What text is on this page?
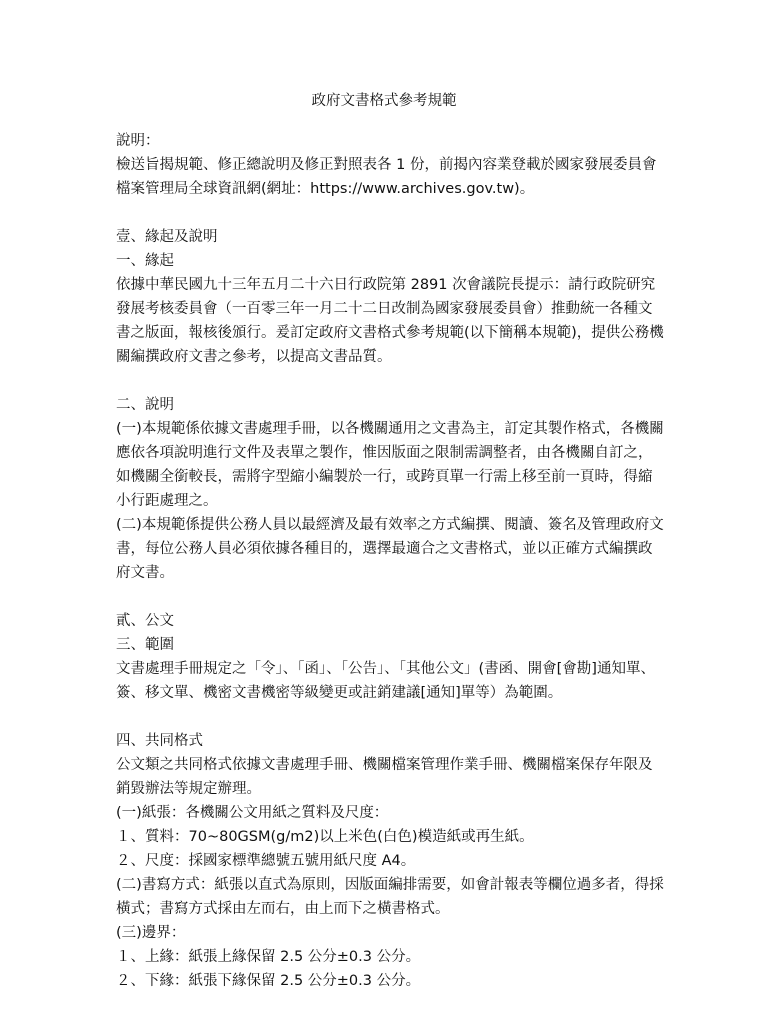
政府文書格式參考規範

說明：

檢送旨揭規範、修正總說明及修正對照表各 1 份，前揭內容業登載於國家發展委員會檔案管理局全球資訊網(網址：https://www.archives.gov.tw)。

壹、緣起及說明

一、緣起

依據中華民國九十三年五月二十六日行政院第 2891 次會議院長提示：請行政院研究發展考核委員會（一百零三年一月二十二日改制為國家發展委員會）推動統一各種文書之版面，報核後頒行。爰訂定政府文書格式參考規範(以下簡稱本規範)，提供公務機關編撰政府文書之參考，以提高文書品質。

二、說明

(一)本規範係依據文書處理手冊，以各機關通用之文書為主，訂定其製作格式，各機關應依各項說明進行文件及表單之製作，惟因版面之限制需調整者，由各機關自訂之，如機關全銜較長，需將字型縮小編製於一行，或跨頁單一行需上移至前一頁時，得縮小行距處理之。

(二)本規範係提供公務人員以最經濟及最有效率之方式編撰、閱讀、簽名及管理政府文書，每位公務人員必須依據各種目的，選擇最適合之文書格式，並以正確方式編撰政府文書。

貳、公文

三、範圍

文書處理手冊規定之「令」、「函」、「公告」、「其他公文」(書函、開會[會勘]通知單、簽、移文單、機密文書機密等級變更或註銷建議[通知]單等）為範圍。

四、共同格式

公文類之共同格式依據文書處理手冊、機關檔案管理作業手冊、機關檔案保存年限及銷毀辦法等規定辦理。

(一)紙張：各機關公文用紙之質料及尺度：

１、質料：70~80GSM(g/m2)以上米色(白色)模造紙或再生紙。

２、尺度：採國家標準總號五號用紙尺度 A4。

(二)書寫方式：紙張以直式為原則，因版面編排需要，如會計報表等欄位過多者，得採橫式；書寫方式採由左而右，由上而下之橫書格式。

(三)邊界：

１、上緣：紙張上緣保留 2.5 公分±0.3 公分。

２、下緣：紙張下緣保留 2.5 公分±0.3 公分。
